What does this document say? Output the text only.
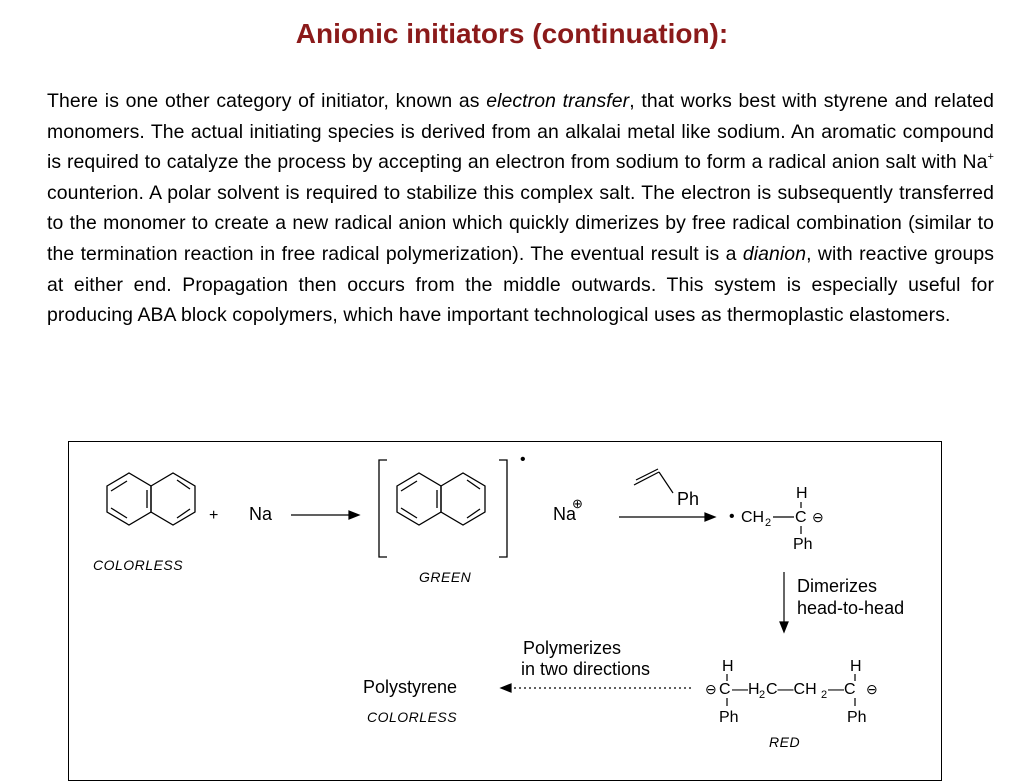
Anionic initiators (continuation):
There is one other category of initiator, known as electron transfer, that works best with styrene and related monomers. The actual initiating species is derived from an alkalai metal like sodium. An aromatic compound is required to catalyze the process by accepting an electron from sodium to form a radical anion salt with Na+ counterion. A polar solvent is required to stabilize this complex salt. The electron is subsequently transferred to the monomer to create a new radical anion which quickly dimerizes by free radical combination (similar to the termination reaction in free radical polymerization). The eventual result is a dianion, with reactive groups at either end. Propagation then occurs from the middle outwards. This system is especially useful for producing ABA block copolymers, which have important technological uses as thermoplastic elastomers.
+ Na
COLORLESS
•
GREEN
Na
⊕	Ph
• CH 2 C ⊖
H
Ph
Dimerizes
head-to-head
Polymerizes
in two directions
Polystyrene
COLORLESS
⊖ C —H 2 C—CH 2 —C ⊖
H	H
Ph	Ph
RED
